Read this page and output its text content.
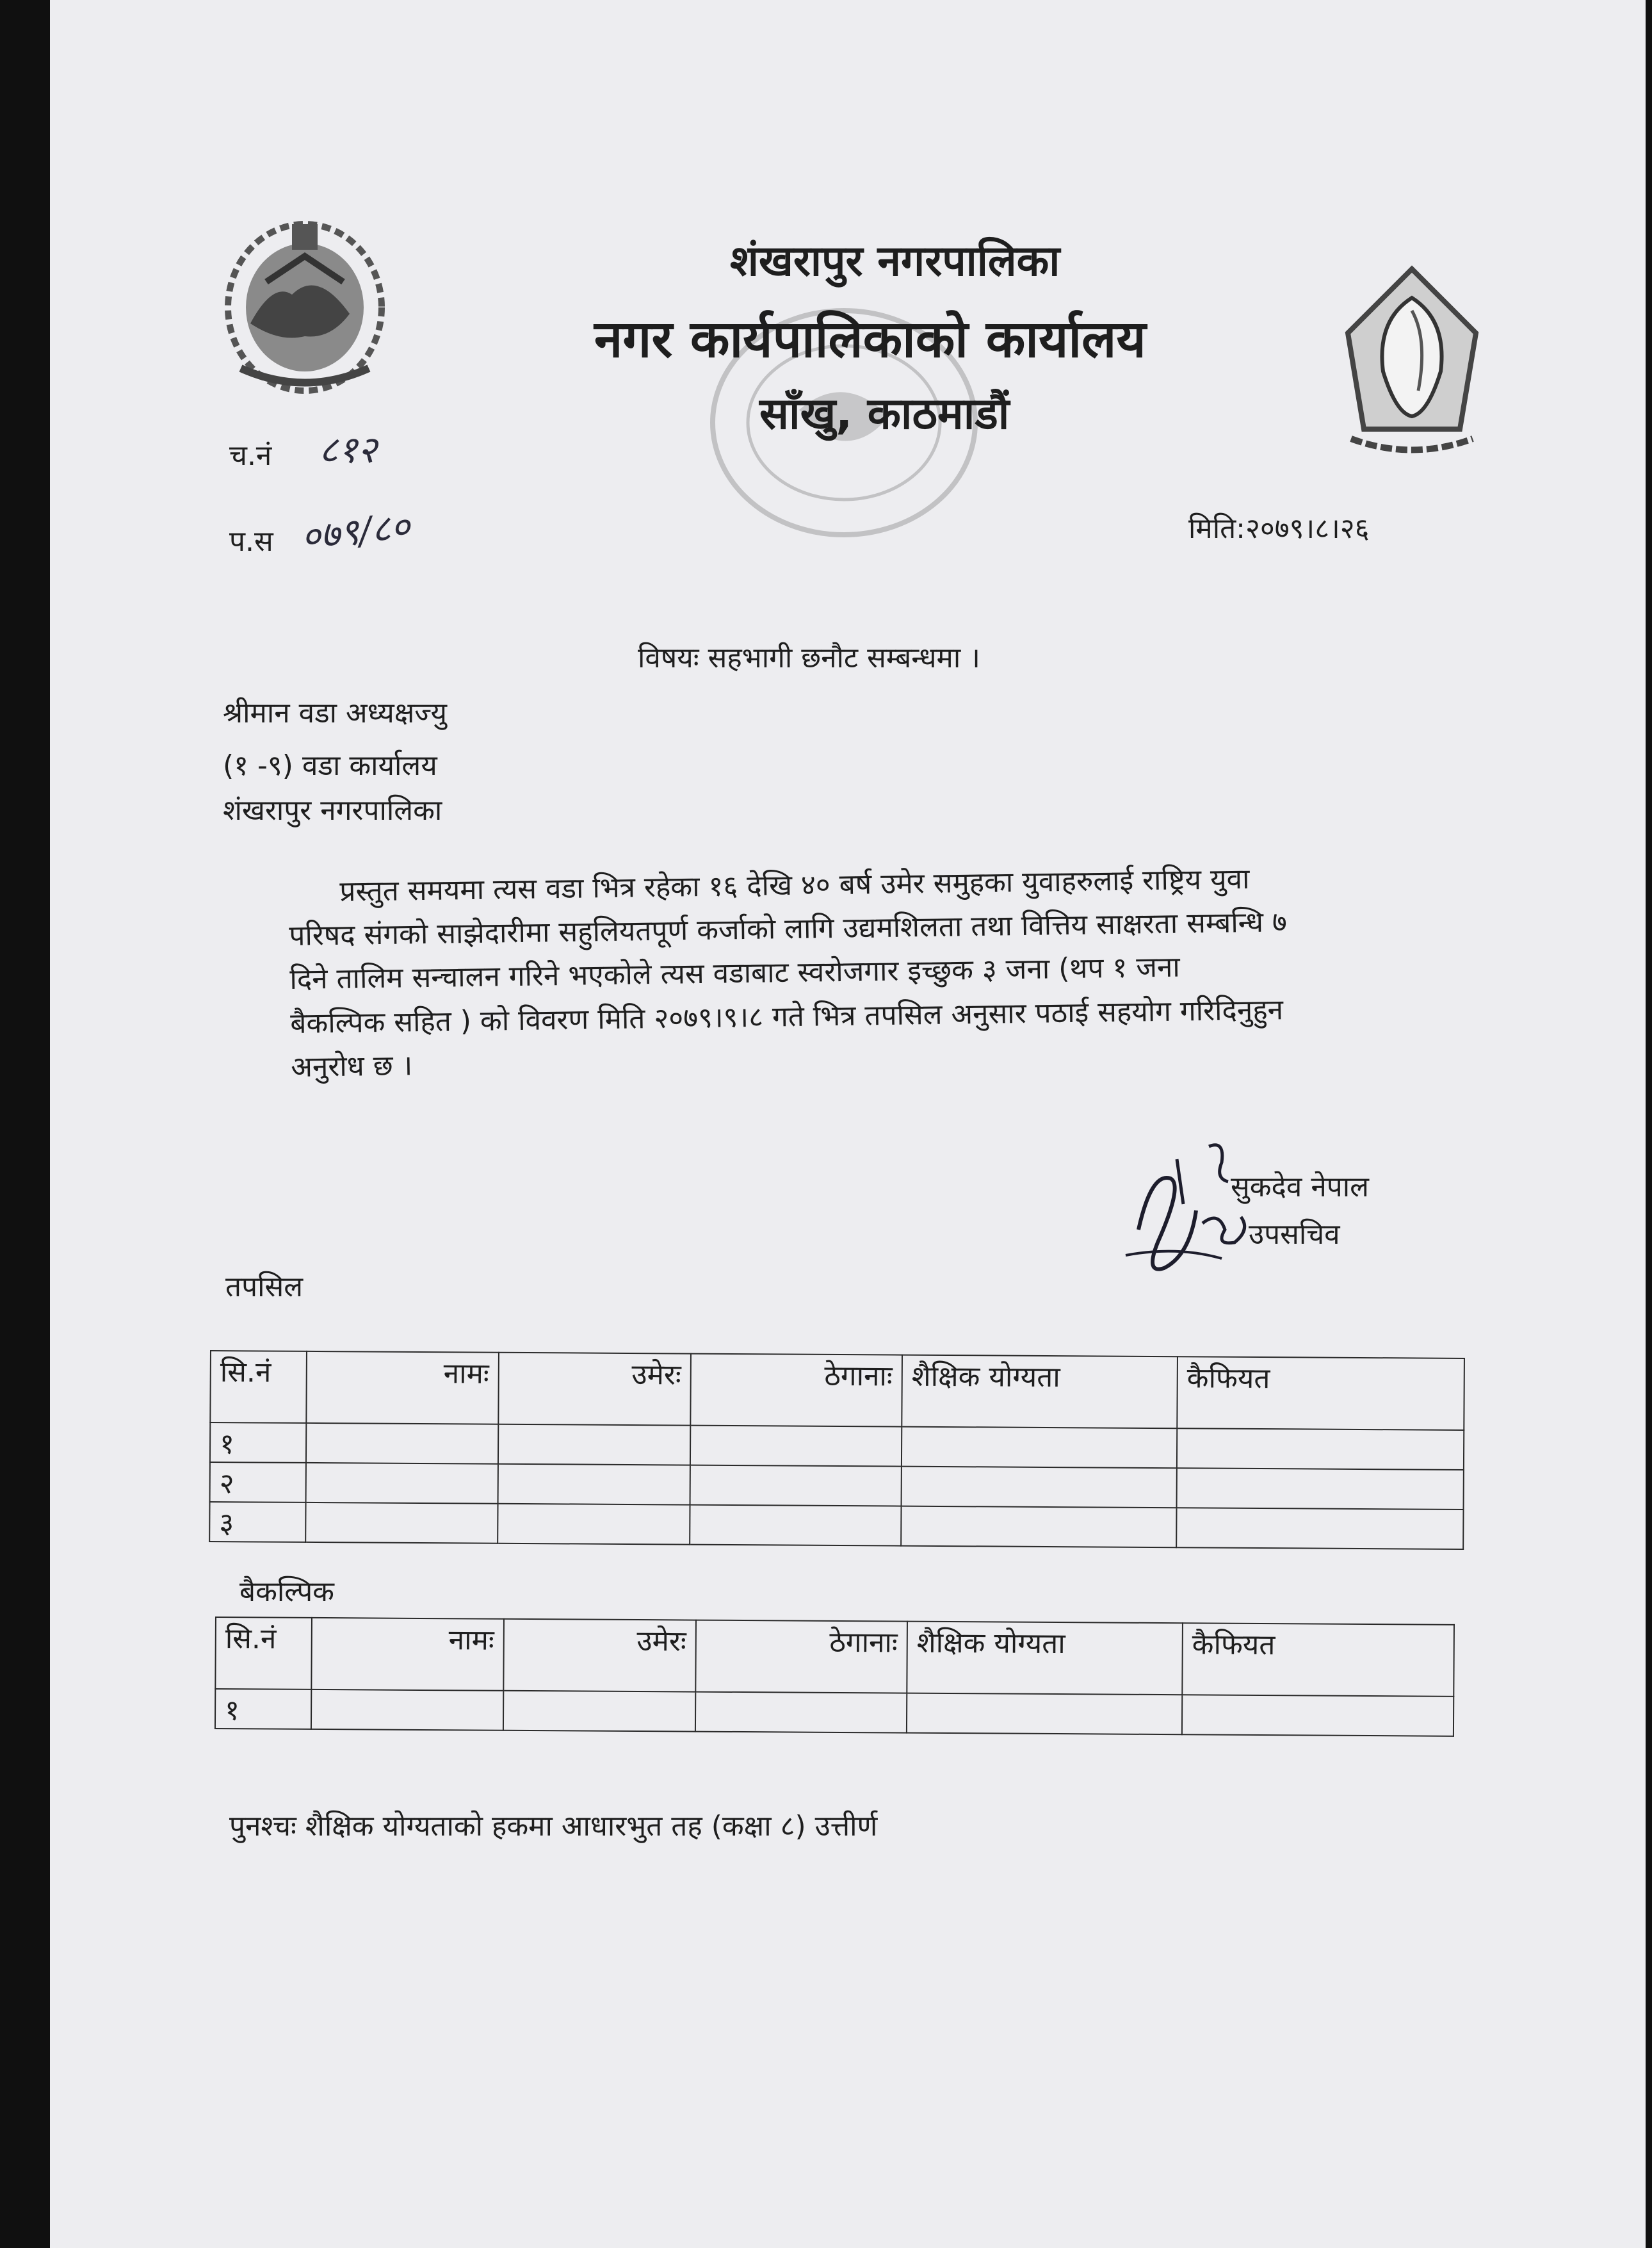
शंखरापुर नगरपालिका
नगर कार्यपालिकाको कार्यालय
साँखु, काठमाडौं
च.नं ८१२
प.स ०७९/८०	मिति:२०७९।८।२६
विषयः सहभागी छनौट सम्बन्धमा ।
श्रीमान वडा अध्यक्षज्यु
(१ -९) वडा कार्यालय
शंखरापुर नगरपालिका
प्रस्तुत समयमा त्यस वडा भित्र रहेका १६ देखि ४० बर्ष उमेर समुहका युवाहरुलाई राष्ट्रिय युवा
परिषद संगको साझेदारीमा सहुलियतपूर्ण कर्जाको लागि उद्यमशिलता तथा वित्तिय साक्षरता सम्बन्धि ७
दिने तालिम सन्चालन गरिने भएकोले त्यस वडाबाट स्वरोजगार इच्छुक ३ जना (थप १ जना
बैकल्पिक सहित ) को विवरण मिति २०७९।९।८ गते भित्र तपसिल अनुसार पठाई सहयोग गरिदिनुहुन
अनुरोध छ ।
सुकदेव नेपाल
उपसचिव
तपसिल
सि.नं	नामः	उमेरः	ठेगानाः	शैक्षिक योग्यता	कैफियत
१					
२					
३					
बैकल्पिक
सि.नं	नामः	उमेरः	ठेगानाः	शैक्षिक योग्यता	कैफियत
१					
पुनश्चः शैक्षिक योग्यताको हकमा आधारभुत तह (कक्षा ८) उत्तीर्ण
